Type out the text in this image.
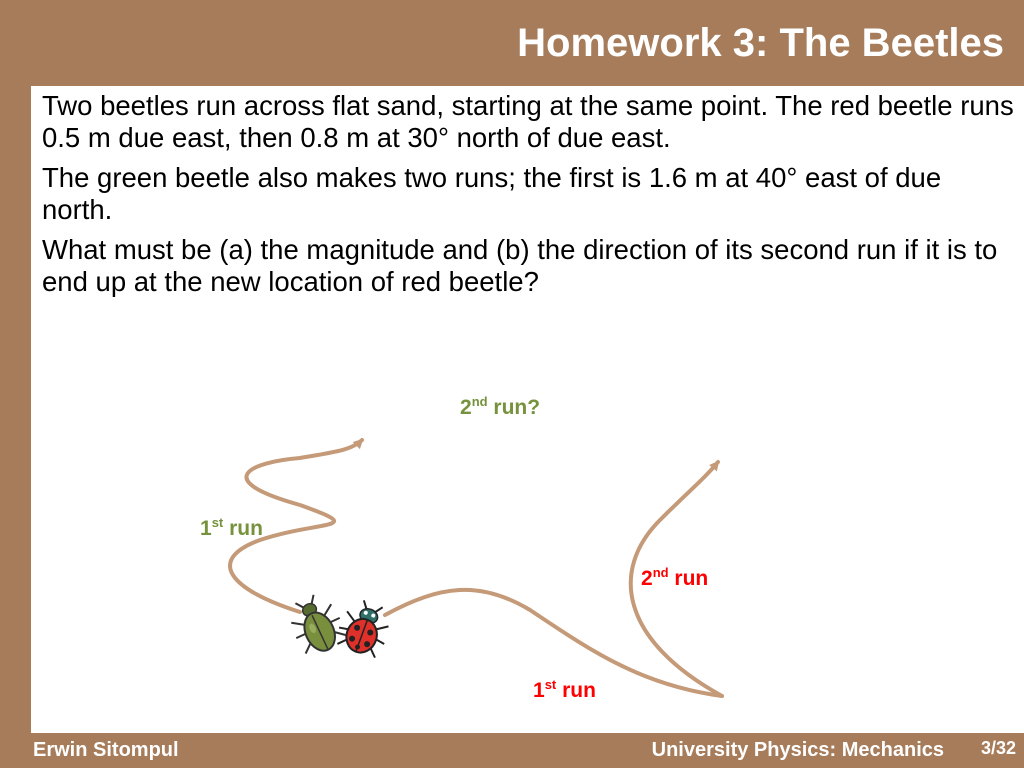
Homework 3: The Beetles

Two beetles run across flat sand, starting at the same point. The red beetle runs 0.5 m due east, then 0.8 m at 30° north of due east.

The green beetle also makes two runs; the first is 1.6 m at 40° east of due north.

What must be (a) the magnitude and (b) the direction of its second run if it is to end up at the new location of red beetle?

2nd run?
1st run
2nd run
1st run
Erwin Sitompul	University Physics: Mechanics 3/32
